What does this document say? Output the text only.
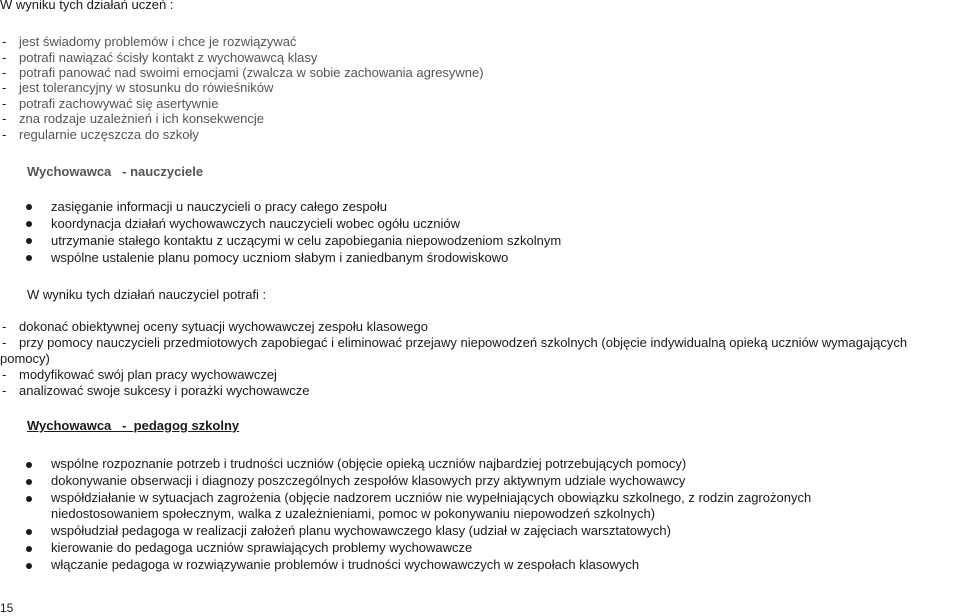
W wyniku tych działań uczeń :
- jest świadomy problemów i chce je rozwiązywać
- potrafi nawiązać ścisły kontakt z wychowawcą klasy
- potrafi panować nad swoimi emocjami (zwalcza w sobie zachowania agresywne)
- jest tolerancyjny w stosunku do rówieśników
- potrafi zachowywać się asertywnie
- zna rodzaje uzależnień i ich konsekwencje
- regularnie uczęszcza do szkoły
Wychowawca   - nauczyciele
zasięganie informacji u nauczycieli o pracy całego zespołu
koordynacja działań wychowawczych nauczycieli wobec ogółu uczniów
utrzymanie stałego kontaktu z uczącymi w celu zapobiegania niepowodzeniom szkolnym
wspólne ustalenie planu pomocy uczniom słabym i zaniedbanym środowiskowo
W wyniku tych działań nauczyciel potrafi :
- dokonać obiektywnej oceny sytuacji wychowawczej zespołu klasowego
- przy pomocy nauczycieli przedmiotowych zapobiegać i eliminować przejawy niepowodzeń szkolnych (objęcie indywidualną opieką uczniów wymagających
pomocy)
- modyfikować swój plan pracy wychowawczej
- analizować swoje sukcesy i porażki wychowawcze
Wychowawca   -  pedagog szkolny
wspólne rozpoznanie potrzeb i trudności uczniów (objęcie opieką uczniów najbardziej potrzebujących pomocy)
dokonywanie obserwacji i diagnozy poszczególnych zespołów klasowych przy aktywnym udziale wychowawcy
współdziałanie w sytuacjach zagrożenia (objęcie nadzorem uczniów nie wypełniających obowiązku szkolnego, z rodzin zagrożonych
niedostosowaniem społecznym, walka z uzależnieniami, pomoc w pokonywaniu niepowodzeń szkolnych)
współudział pedagoga w realizacji założeń planu wychowawczego klasy (udział w zajęciach warsztatowych)
kierowanie do pedagoga uczniów sprawiających problemy wychowawcze
włączanie pedagoga w rozwiązywanie problemów i trudności wychowawczych w zespołach klasowych
15
